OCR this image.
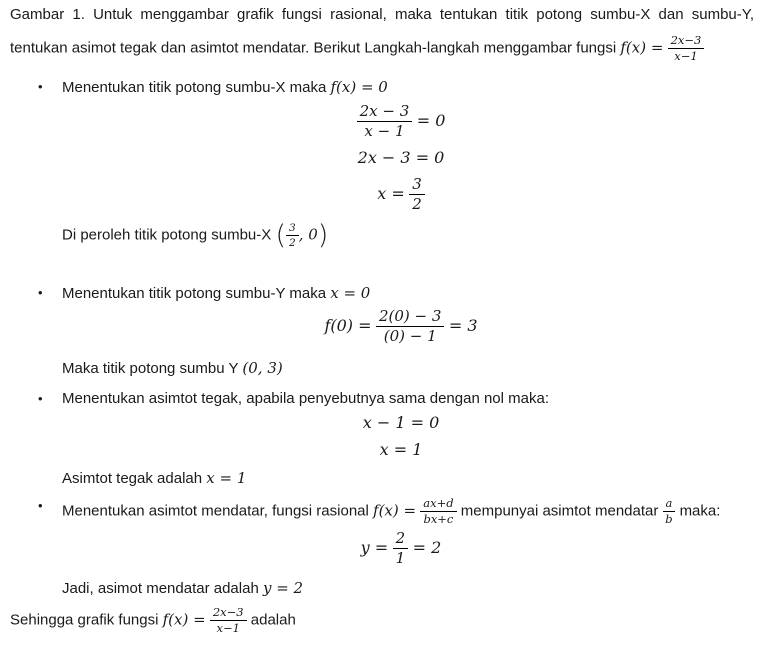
Gambar 1. Untuk menggambar grafik fungsi rasional, maka tentukan titik potong sumbu-X dan sumbu-Y,
tentukan asimot tegak dan asimtot mendatar. Berikut Langkah-langkah menggambar fungsi $f(x) = \frac{2x-3}{x-1}$
•	Menentukan titik potong sumbu-X maka f(x) = 0
$\frac{2x - 3}{x - 1} = 0$
2x − 3 = 0
$x = \frac{3}{2}$
Di peroleh titik potong sumbu-X ( $\frac{3}{2}$ , 0)
•	Menentukan titik potong sumbu-Y maka x = 0
$f(0) = \frac{2(0) - 3}{(0) - 1} = 3$
Maka titik potong sumbu Y (0, 3)
•	Menentukan asimtot tegak, apabila penyebutnya sama dengan nol maka:
x − 1 = 0
x = 1
Asimtot tegak adalah x = 1
•	Menentukan asimtot mendatar, fungsi rasional $f(x) = \frac{ax+d}{bx+c}$ mempunyai asimtot mendatar $\frac{a}{b}$ maka:
$y = \frac{2}{1} = 2$
Jadi, asimot mendatar adalah y = 2
Sehingga grafik fungsi $f(x) = \frac{2x-3}{x-1}$ adalah
